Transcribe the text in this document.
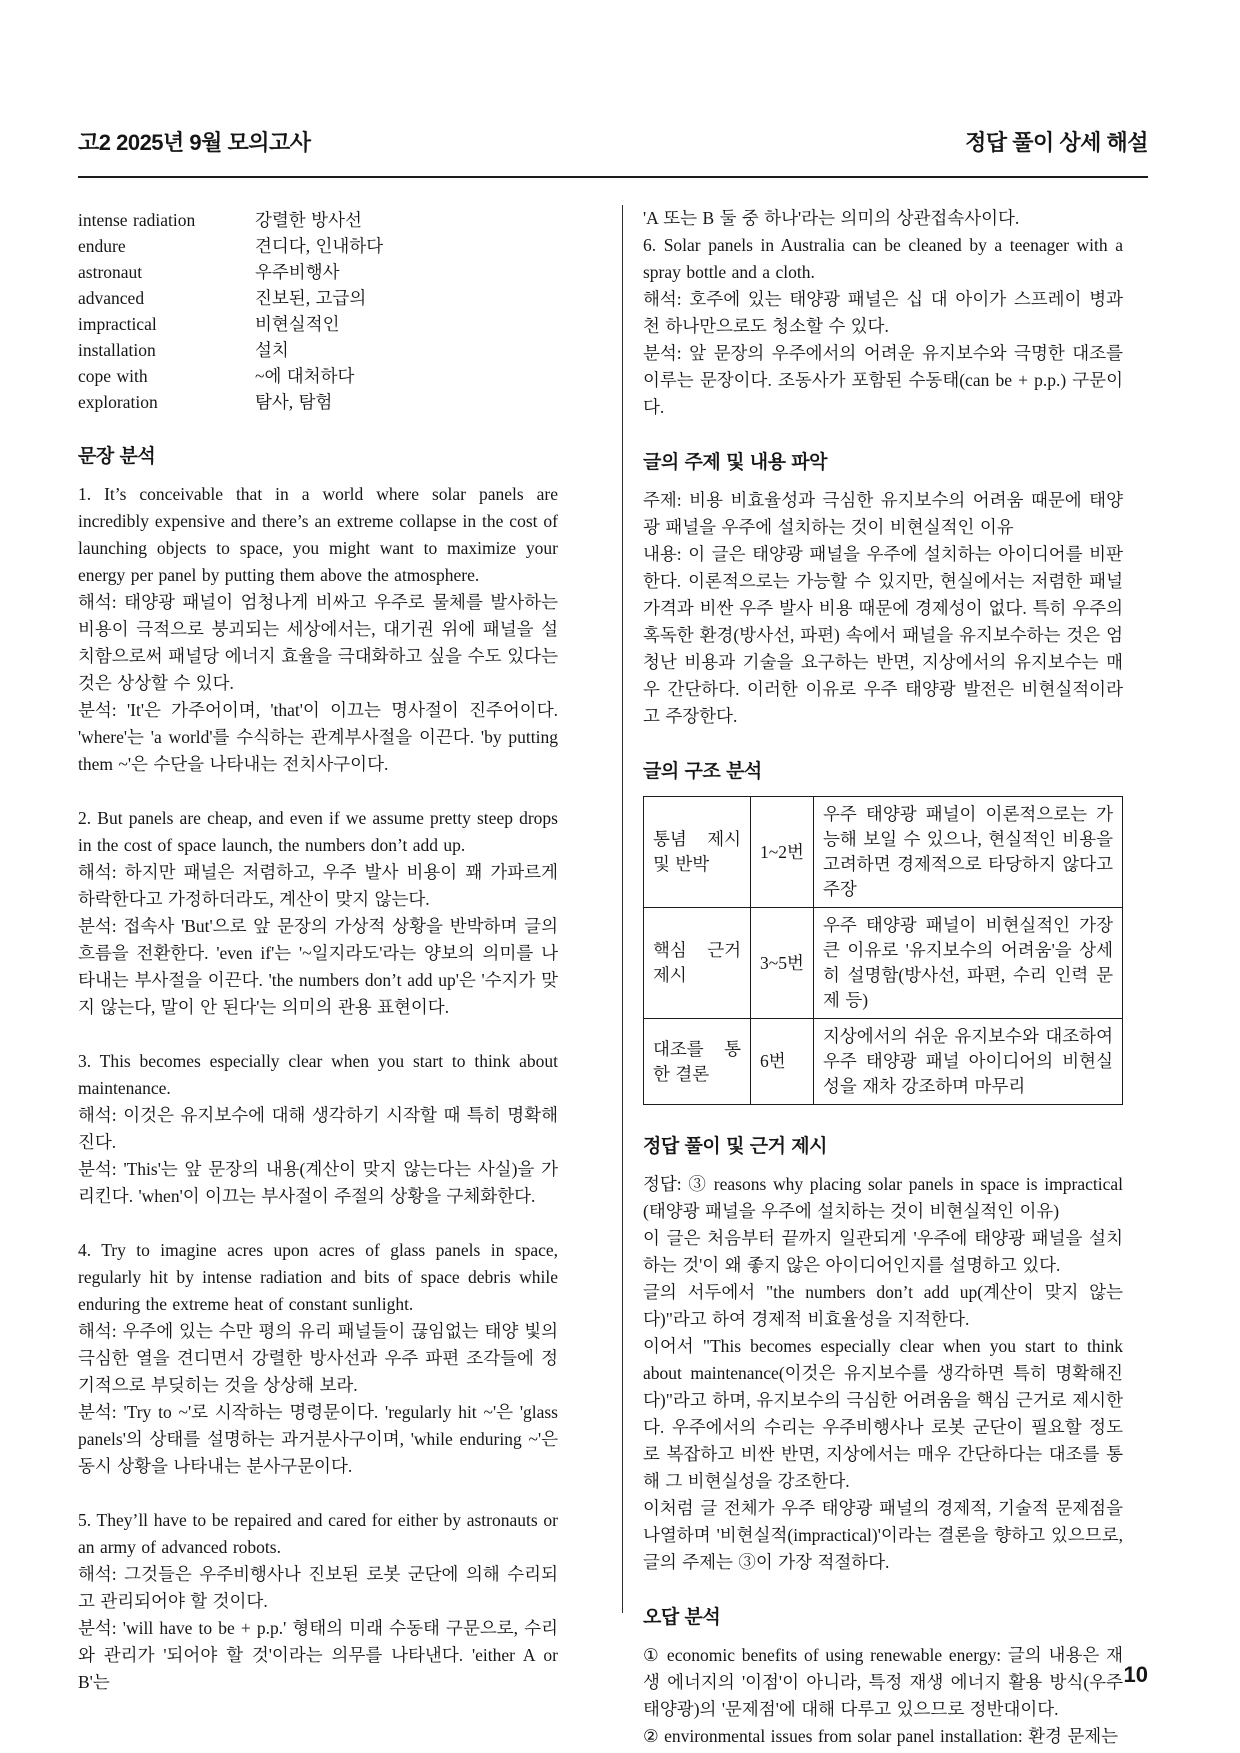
고2 2025년 9월 모의고사	정답 풀이 상세 해설
intense radiation	강렬한 방사선
endure	견디다, 인내하다
astronaut	우주비행사
advanced	진보된, 고급의
impractical	비현실적인
installation	설치
cope with	~에 대처하다
exploration	탐사, 탐험
문장 분석

1. It’s conceivable that in a world where solar panels are incredibly expensive and there’s an extreme collapse in the cost of launching objects to space, you might want to maximize your energy per panel by putting them above the atmosphere.

해석: 태양광 패널이 엄청나게 비싸고 우주로 물체를 발사하는 비용이 극적으로 붕괴되는 세상에서는, 대기권 위에 패널을 설치함으로써 패널당 에너지 효율을 극대화하고 싶을 수도 있다는 것은 상상할 수 있다.

분석: 'It'은 가주어이며, 'that'이 이끄는 명사절이 진주어이다. 'where'는 'a world'를 수식하는 관계부사절을 이끈다. 'by putting them ~'은 수단을 나타내는 전치사구이다.

2. But panels are cheap, and even if we assume pretty steep drops in the cost of space launch, the numbers don’t add up.

해석: 하지만 패널은 저렴하고, 우주 발사 비용이 꽤 가파르게 하락한다고 가정하더라도, 계산이 맞지 않는다.

분석: 접속사 'But'으로 앞 문장의 가상적 상황을 반박하며 글의 흐름을 전환한다. 'even if'는 '~일지라도'라는 양보의 의미를 나타내는 부사절을 이끈다. 'the numbers don’t add up'은 '수지가 맞지 않는다, 말이 안 된다'는 의미의 관용 표현이다.

3. This becomes especially clear when you start to think about maintenance.

해석: 이것은 유지보수에 대해 생각하기 시작할 때 특히 명확해진다.

분석: 'This'는 앞 문장의 내용(계산이 맞지 않는다는 사실)을 가리킨다. 'when'이 이끄는 부사절이 주절의 상황을 구체화한다.

4. Try to imagine acres upon acres of glass panels in space, regularly hit by intense radiation and bits of space debris while enduring the extreme heat of constant sunlight.

해석: 우주에 있는 수만 평의 유리 패널들이 끊임없는 태양 빛의 극심한 열을 견디면서 강렬한 방사선과 우주 파편 조각들에 정기적으로 부딪히는 것을 상상해 보라.

분석: 'Try to ~'로 시작하는 명령문이다. 'regularly hit ~'은 'glass panels'의 상태를 설명하는 과거분사구이며, 'while enduring ~'은 동시 상황을 나타내는 분사구문이다.

5. They’ll have to be repaired and cared for either by astronauts or an army of advanced robots.

해석: 그것들은 우주비행사나 진보된 로봇 군단에 의해 수리되고 관리되어야 할 것이다.

분석: 'will have to be + p.p.' 형태의 미래 수동태 구문으로, 수리와 관리가 '되어야 할 것'이라는 의무를 나타낸다. 'either A or B'는

'A 또는 B 둘 중 하나'라는 의미의 상관접속사이다.

6. Solar panels in Australia can be cleaned by a teenager with a spray bottle and a cloth.

해석: 호주에 있는 태양광 패널은 십 대 아이가 스프레이 병과 천 하나만으로도 청소할 수 있다.

분석: 앞 문장의 우주에서의 어려운 유지보수와 극명한 대조를 이루는 문장이다. 조동사가 포함된 수동태(can be + p.p.) 구문이다.

글의 주제 및 내용 파악

주제: 비용 비효율성과 극심한 유지보수의 어려움 때문에 태양광 패널을 우주에 설치하는 것이 비현실적인 이유

내용: 이 글은 태양광 패널을 우주에 설치하는 아이디어를 비판한다. 이론적으로는 가능할 수 있지만, 현실에서는 저렴한 패널 가격과 비싼 우주 발사 비용 때문에 경제성이 없다. 특히 우주의 혹독한 환경(방사선, 파편) 속에서 패널을 유지보수하는 것은 엄청난 비용과 기술을 요구하는 반면, 지상에서의 유지보수는 매우 간단하다. 이러한 이유로 우주 태양광 발전은 비현실적이라고 주장한다.

글의 구조 분석
통념 제시 및 반박	1~2번	우주 태양광 패널이 이론적으로는 가능해 보일 수 있으나, 현실적인 비용을 고려하면 경제적으로 타당하지 않다고 주장
핵심 근거 제시	3~5번	우주 태양광 패널이 비현실적인 가장 큰 이유로 '유지보수의 어려움'을 상세히 설명함(방사선, 파편, 수리 인력 문제 등)
대조를 통한 결론	6번	지상에서의 쉬운 유지보수와 대조하여 우주 태양광 패널 아이디어의 비현실성을 재차 강조하며 마무리
정답 풀이 및 근거 제시

정답: ③ reasons why placing solar panels in space is impractical (태양광 패널을 우주에 설치하는 것이 비현실적인 이유)

이 글은 처음부터 끝까지 일관되게 '우주에 태양광 패널을 설치하는 것'이 왜 좋지 않은 아이디어인지를 설명하고 있다.

글의 서두에서 "the numbers don’t add up(계산이 맞지 않는다)"라고 하여 경제적 비효율성을 지적한다.

이어서 "This becomes especially clear when you start to think about maintenance(이것은 유지보수를 생각하면 특히 명확해진다)"라고 하며, 유지보수의 극심한 어려움을 핵심 근거로 제시한다. 우주에서의 수리는 우주비행사나 로봇 군단이 필요할 정도로 복잡하고 비싼 반면, 지상에서는 매우 간단하다는 대조를 통해 그 비현실성을 강조한다.

이처럼 글 전체가 우주 태양광 패널의 경제적, 기술적 문제점을 나열하며 '비현실적(impractical)'이라는 결론을 향하고 있으므로, 글의 주제는 ③이 가장 적절하다.

오답 분석

① economic benefits of using renewable energy: 글의 내용은 재생 에너지의 '이점'이 아니라, 특정 재생 에너지 활용 방식(우주 태양광)의 '문제점'에 대해 다루고 있으므로 정반대이다.

② environmental issues from solar panel installation: 환경 문제는

10
